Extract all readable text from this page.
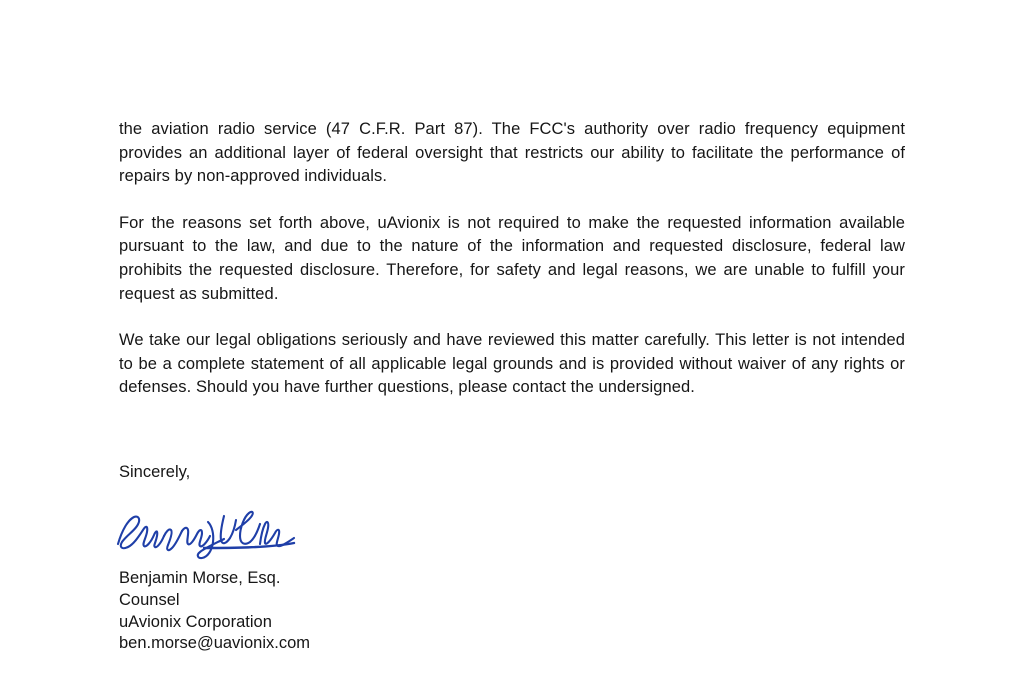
the aviation radio service (47 C.F.R. Part 87). The FCC's authority over radio frequency equipment provides an additional layer of federal oversight that restricts our ability to facilitate the performance of repairs by non-approved individuals.

For the reasons set forth above, uAvionix is not required to make the requested information available pursuant to the law, and due to the nature of the information and requested disclosure, federal law prohibits the requested disclosure. Therefore, for safety and legal reasons, we are unable to fulfill your request as submitted.

We take our legal obligations seriously and have reviewed this matter carefully. This letter is not intended to be a complete statement of all applicable legal grounds and is provided without waiver of any rights or defenses. Should you have further questions, please contact the undersigned.

Sincerely,
Benjamin Morse, Esq.
Counsel
uAvionix Corporation
ben.morse@uavionix.com
